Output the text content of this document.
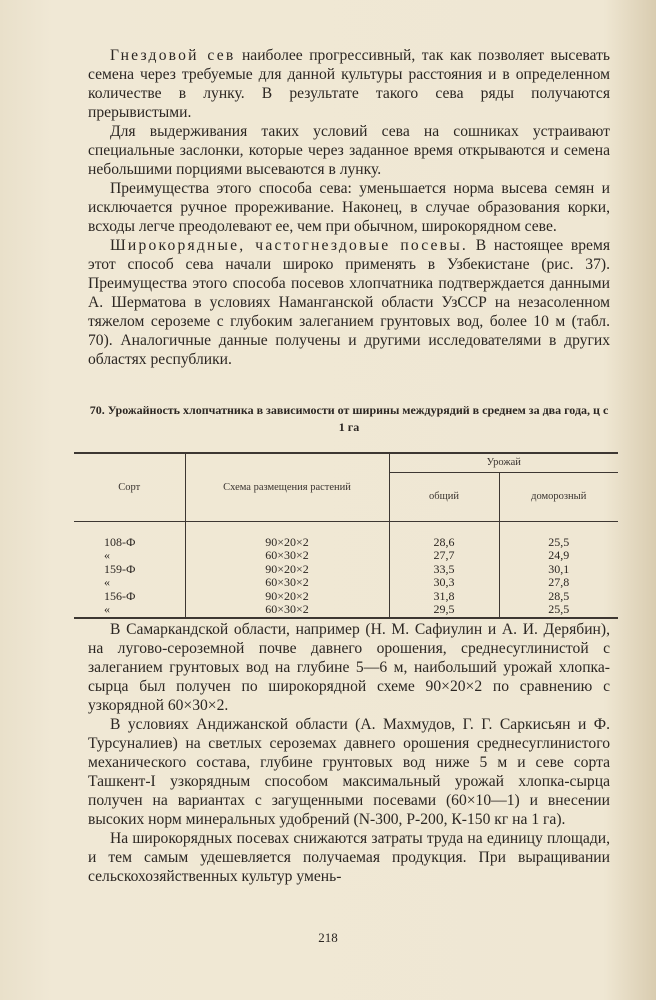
Гнездовой сев наиболее прогрессивный, так как позволяет высевать семена через требуемые для данной культуры расстояния и в определенном количестве в лунку. В результате такого сева ряды получаются прерывистыми.

Для выдерживания таких условий сева на сошниках устраивают специальные заслонки, которые через заданное время открываются и семена небольшими порциями высеваются в лунку.

Преимущества этого способа сева: уменьшается норма высева семян и исключается ручное прореживание. Наконец, в случае образования корки, всходы легче преодолевают ее, чем при обычном, широкорядном севе.

Широкорядные, частогнездовые посевы. В настоящее время этот способ сева начали широко применять в Узбекистане (рис. 37). Преимущества этого способа посевов хлопчатника подтверждается данными А. Шерматова в условиях Наманганской области УзССР на незасоленном тяжелом сероземе с глубоким залеганием грунтовых вод, более 10 м (табл. 70). Аналогичные данные получены и другими исследователями в других областях республики.

70. Урожайность хлопчатника в зависимости от ширины междурядий в среднем за два года, ц с 1 га
Сорт	Схема размещения растений	Урожай	
		общий	доморозный
108-Ф	90×20×2	28,6	25,5
«	60×30×2	27,7	24,9
159-Ф	90×20×2	33,5	30,1
«	60×30×2	30,3	27,8
156-Ф	90×20×2	31,8	28,5
«	60×30×2	29,5	25,5

В Самаркандской области, например (Н. М. Сафиулин и А. И. Дерябин), на лугово-сероземной почве давнего орошения, среднесуглинистой с залеганием грунтовых вод на глубине 5—6 м, наибольший урожай хлопка-сырца был получен по широкорядной схеме 90×20×2 по сравнению с узкорядной 60×30×2.

В условиях Андижанской области (А. Махмудов, Г. Г. Саркисьян и Ф. Турсуналиев) на светлых сероземах давнего орошения среднесуглинистого механического состава, глубине грунтовых вод ниже 5 м и севе сорта Ташкент-I узкорядным способом максимальный урожай хлопка-сырца получен на вариантах с загущенными посевами (60×10—1) и внесении высоких норм минеральных удобрений (N-300, Р-200, К-150 кг на 1 га).

На широкорядных посевах снижаются затраты труда на единицу площади, и тем самым удешевляется получаемая продукция. При выращивании сельскохозяйственных культур умень-

218
